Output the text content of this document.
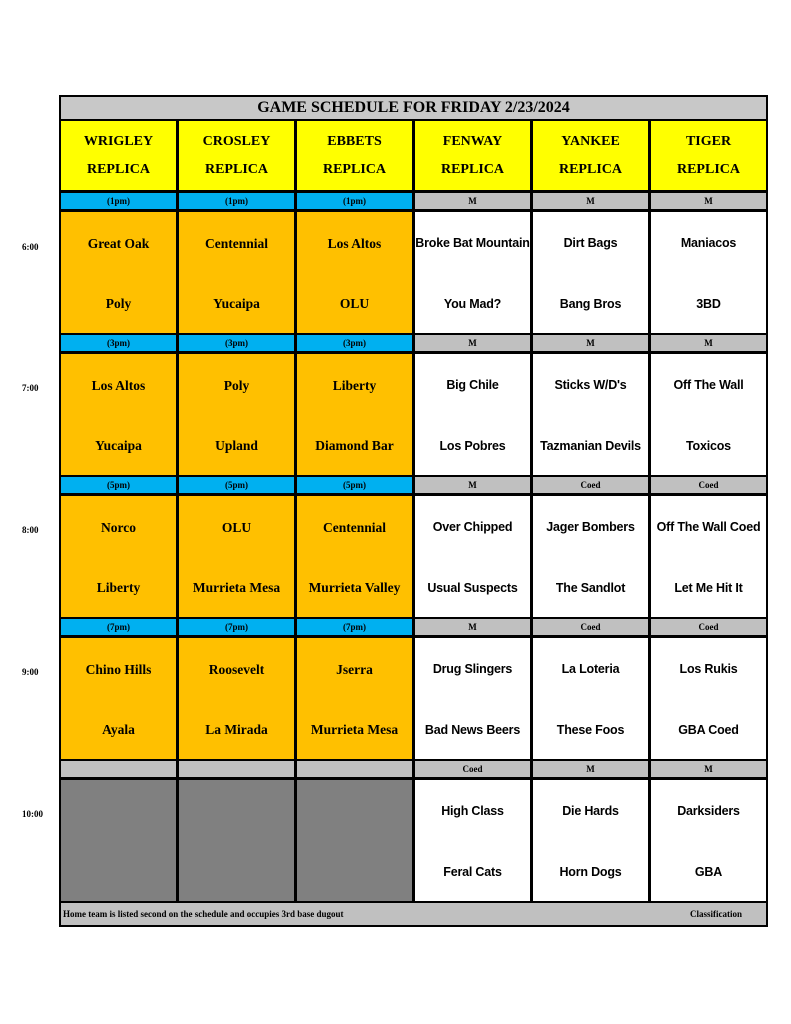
GAME SCHEDULE FOR FRIDAY 2/23/2024
WRIGLEY
REPLICA
CROSLEY
REPLICA
EBBETS
REPLICA
FENWAY
REPLICA
YANKEE
REPLICA
TIGER
REPLICA
(1pm)
Great Oak
Poly
(1pm)
Centennial
Yucaipa
(1pm)
Los Altos
OLU
M
Broke Bat Mountain
You Mad?
M
Dirt Bags
Bang Bros
M
Maniacos
3BD
(3pm)
Los Altos
Yucaipa
(3pm)
Poly
Upland
(3pm)
Liberty
Diamond Bar
M
Big Chile
Los Pobres
M
Sticks W/D's
Tazmanian Devils
M
Off The Wall
Toxicos
(5pm)
Norco
Liberty
(5pm)
OLU
Murrieta Mesa
(5pm)
Centennial
Murrieta Valley
M
Over Chipped
Usual Suspects
Coed
Jager Bombers
The Sandlot
Coed
Off The Wall Coed
Let Me Hit It
(7pm)
Chino Hills
Ayala
(7pm)
Roosevelt
La Mirada
(7pm)
Jserra
Murrieta Mesa
M
Drug Slingers
Bad News Beers
Coed
La Loteria
These Foos
Coed
Los Rukis
GBA Coed
Coed
High Class
Feral Cats
M
Die Hards
Horn Dogs
M
Darksiders
GBA
Home team is listed second on the schedule and occupies 3rd base dugout	Classification
6:00
7:00
8:00
9:00
10:00
